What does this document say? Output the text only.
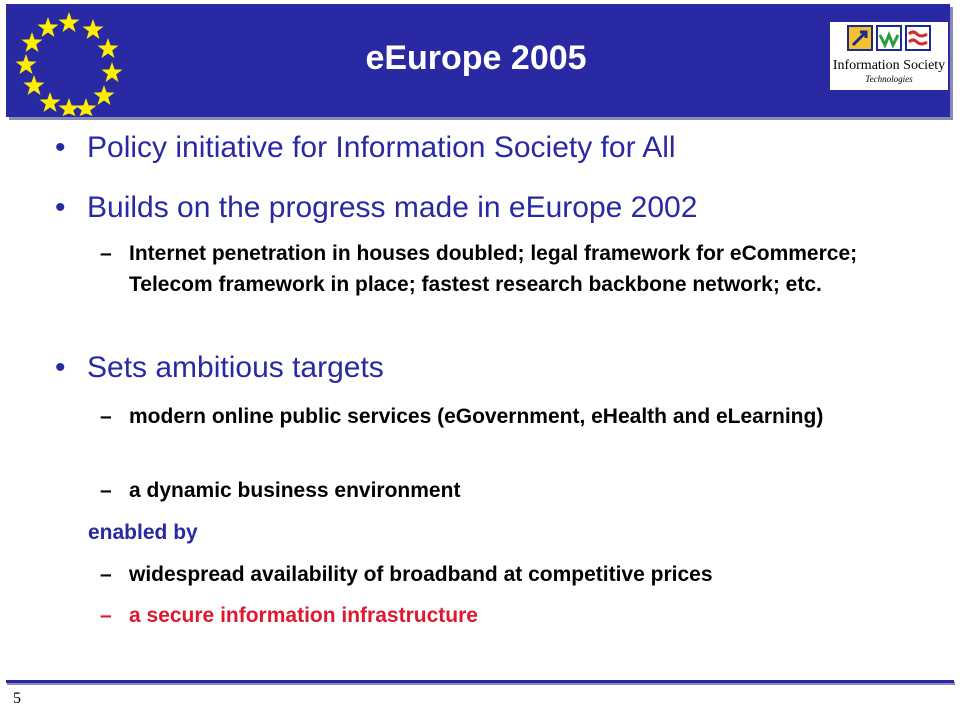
eEurope 2005	Information Society
Technologies
• Policy initiative for Information Society for All
• Builds on the progress made in eEurope 2002
– Internet penetration in houses doubled; legal framework for eCommerce; Telecom framework in place; fastest research backbone network; etc.
• Sets ambitious targets
– modern online public services (eGovernment, eHealth and eLearning)
– a dynamic business environment
enabled by
– widespread availability of broadband at competitive prices
– a secure information infrastructure
5
